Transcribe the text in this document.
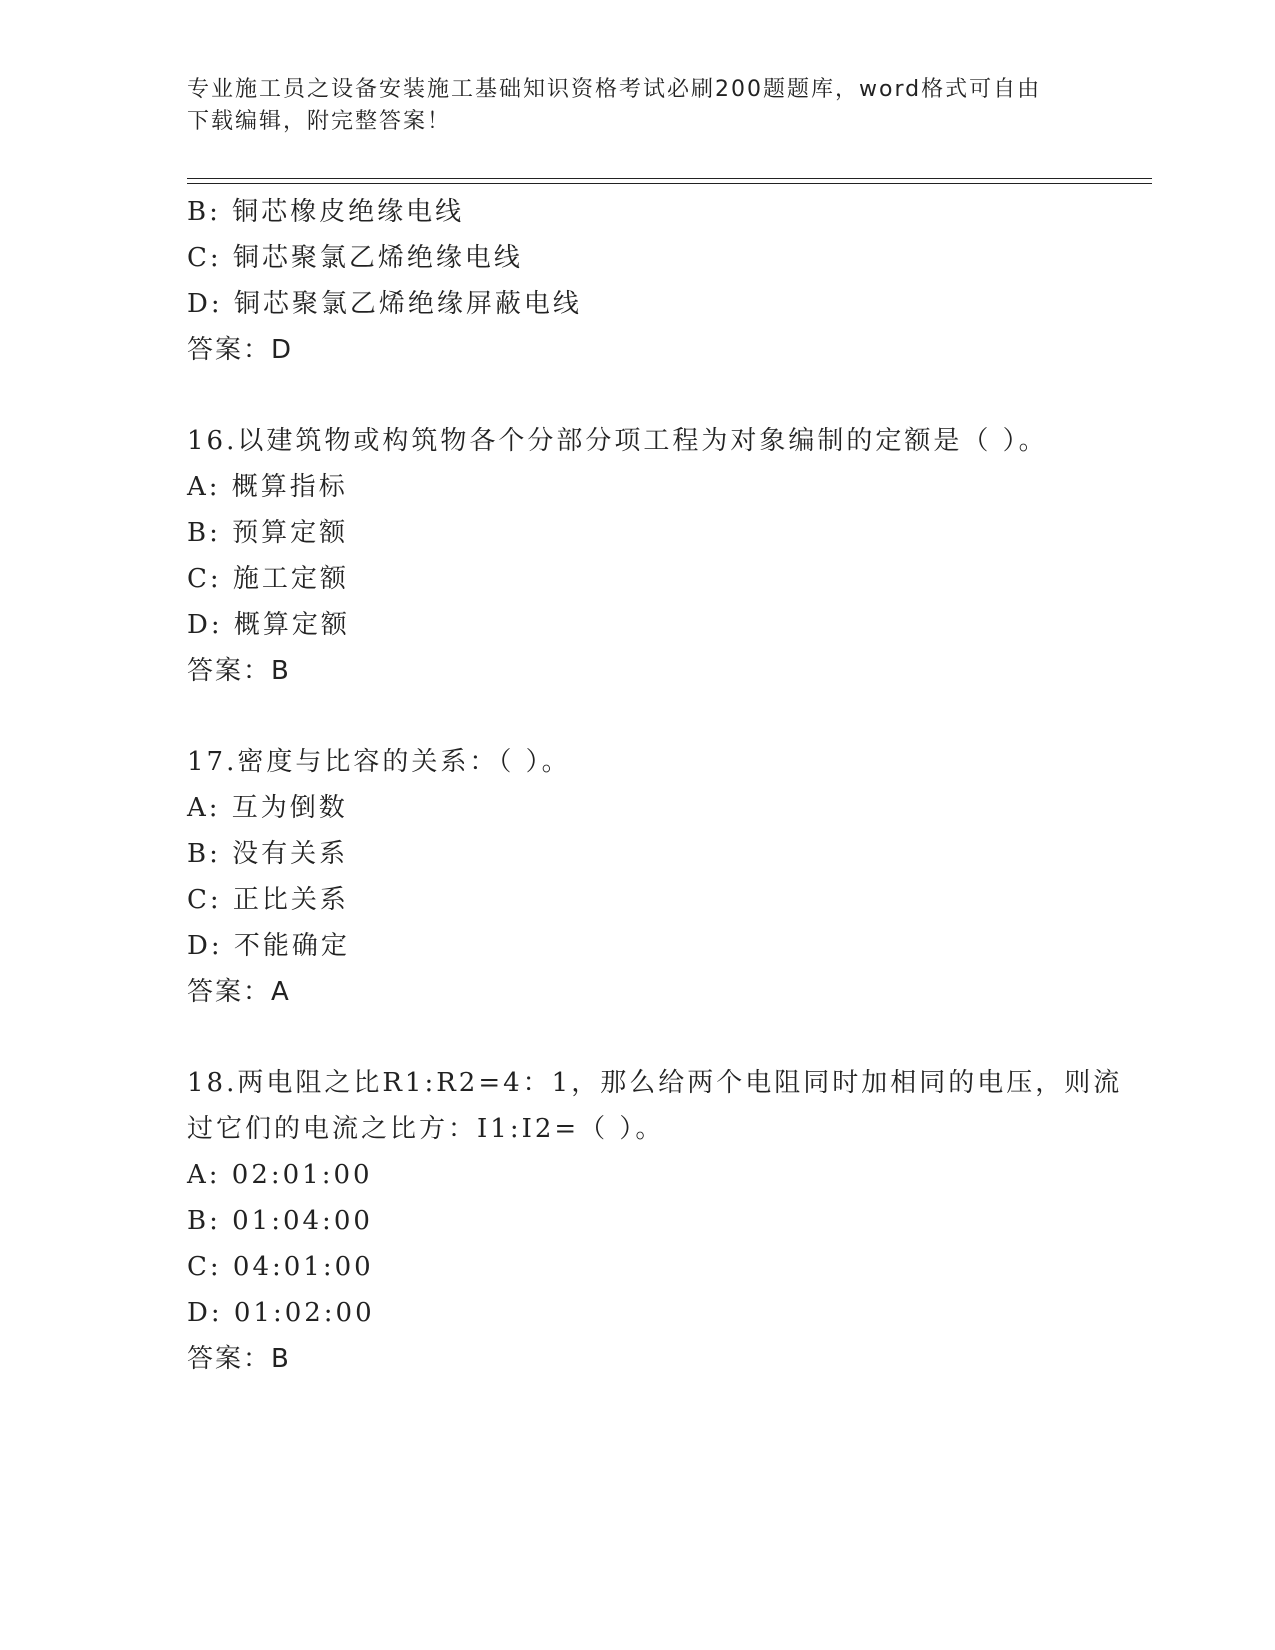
专业施工员之设备安装施工基础知识资格考试必刷200题题库，word格式可自由
下载编辑，附完整答案！
B: 铜芯橡皮绝缘电线
C: 铜芯聚氯乙烯绝缘电线
D: 铜芯聚氯乙烯绝缘屏蔽电线
答案：D
16.以建筑物或构筑物各个分部分项工程为对象编制的定额是（ ）。
A: 概算指标
B: 预算定额
C: 施工定额
D: 概算定额
答案：B
17.密度与比容的关系：（ ）。
A: 互为倒数
B: 没有关系
C: 正比关系
D: 不能确定
答案：A
18.两电阻之比R1:R2=4：1，那么给两个电阻同时加相同的电压，则流
过它们的电流之比方：I1:I2=（ ）。
A: 02:01:00
B: 01:04:00
C: 04:01:00
D: 01:02:00
答案：B
